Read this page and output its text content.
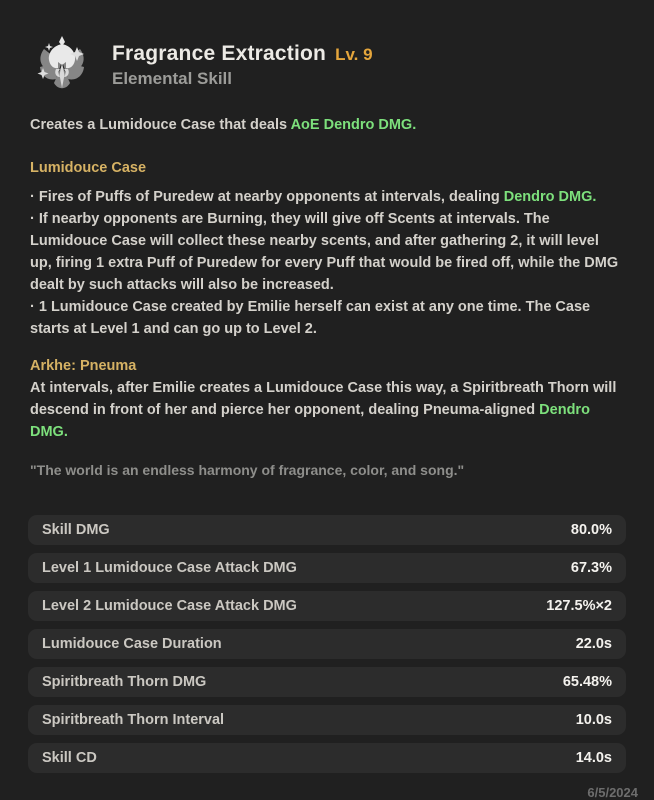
Fragrance Extraction Lv. 9
Elemental Skill

Creates a Lumidouce Case that deals AoE Dendro DMG.

Lumidouce Case

· Fires of Puffs of Puredew at nearby opponents at intervals, dealing Dendro DMG.

· If nearby opponents are Burning, they will give off Scents at intervals. The Lumidouce Case will collect these nearby scents, and after gathering 2, it will level up, firing 1 extra Puff of Puredew for every Puff that would be fired off, while the DMG dealt by such attacks will also be increased.

· 1 Lumidouce Case created by Emilie herself can exist at any one time. The Case starts at Level 1 and can go up to Level 2.

Arkhe: Pneuma

At intervals, after Emilie creates a Lumidouce Case this way, a Spiritbreath Thorn will descend in front of her and pierce her opponent, dealing Pneuma-aligned Dendro DMG.

"The world is an endless harmony of fragrance, color, and song."

Skill DMG	80.0%
Level 1 Lumidouce Case Attack DMG	67.3%
Level 2 Lumidouce Case Attack DMG	127.5%×2
Lumidouce Case Duration	22.0s
Spiritbreath Thorn DMG	65.48%
Spiritbreath Thorn Interval	10.0s
Skill CD	14.0s
6/5/2024
